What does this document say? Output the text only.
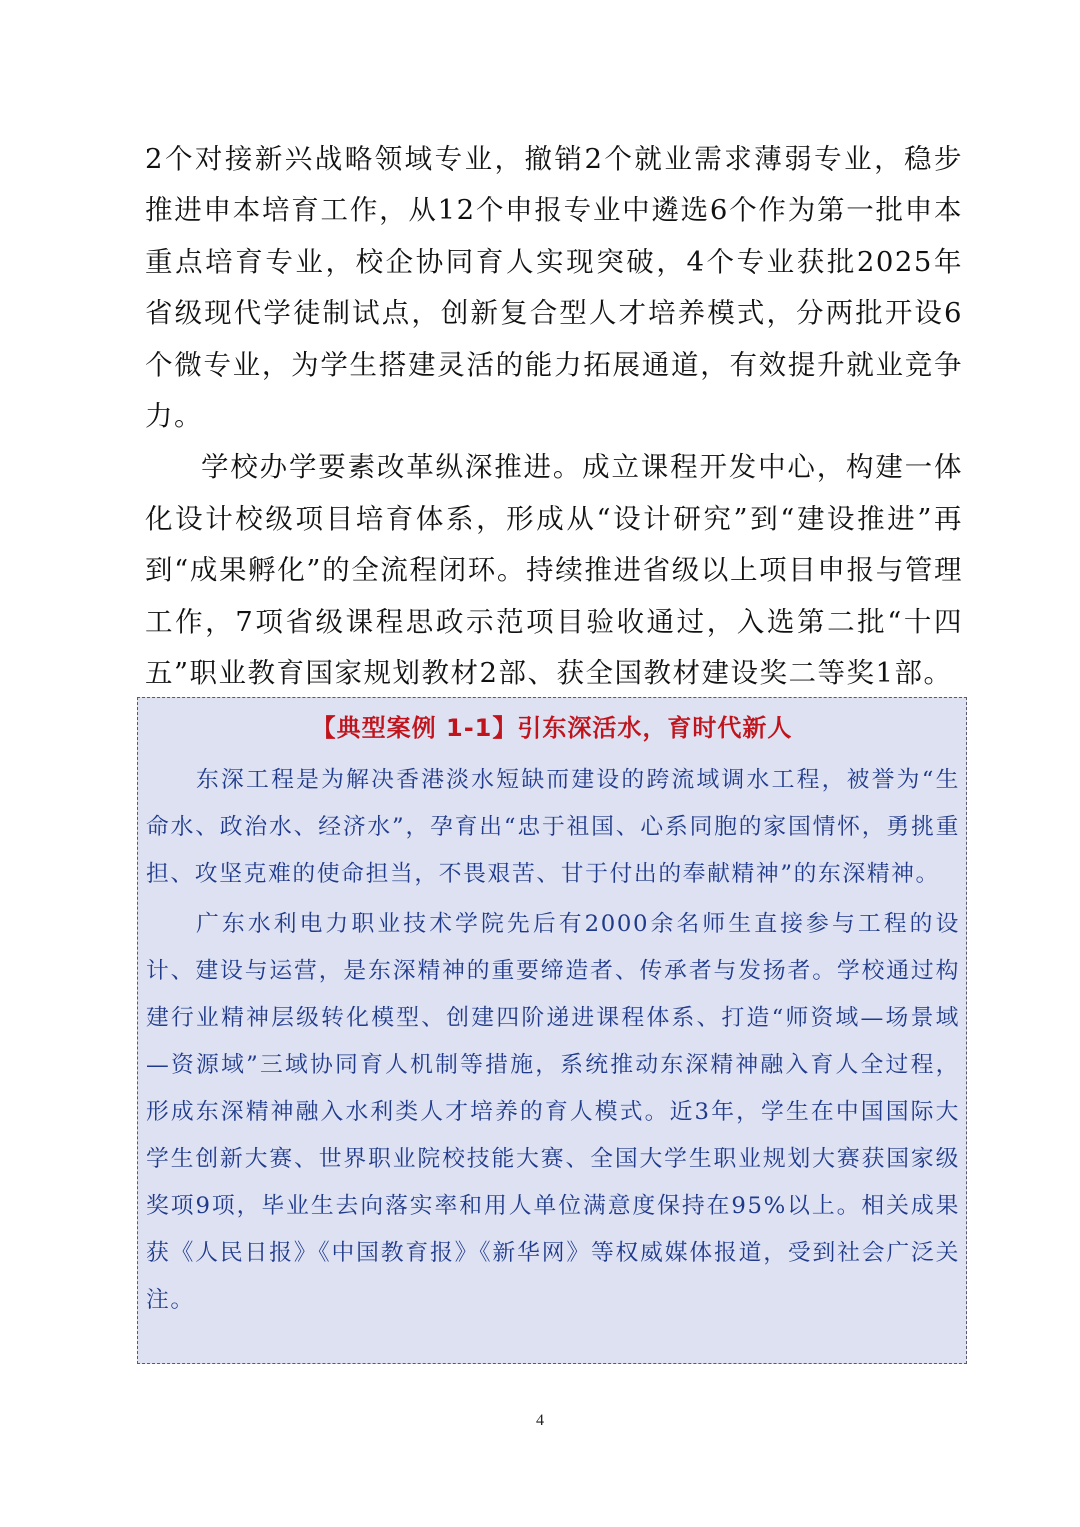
2个对接新兴战略领域专业，撤销2个就业需求薄弱专业，稳步推进申本培育工作，从12个申报专业中遴选6个作为第一批申本重点培育专业，校企协同育人实现突破，4个专业获批2025年省级现代学徒制试点，创新复合型人才培养模式，分两批开设6个微专业，为学生搭建灵活的能力拓展通道，有效提升就业竞争力。

学校办学要素改革纵深推进。成立课程开发中心，构建一体化设计校级项目培育体系，形成从“设计研究”到“建设推进”再到“成果孵化”的全流程闭环。持续推进省级以上项目申报与管理工作，7项省级课程思政示范项目验收通过，入选第二批“十四五”职业教育国家规划教材2部、获全国教材建设奖二等奖1部。

【典型案例 1-1】引东深活水，育时代新人

东深工程是为解决香港淡水短缺而建设的跨流域调水工程，被誉为“生命水、政治水、经济水”，孕育出“忠于祖国、心系同胞的家国情怀，勇挑重担、攻坚克难的使命担当，不畏艰苦、甘于付出的奉献精神”的东深精神。

广东水利电力职业技术学院先后有2000余名师生直接参与工程的设计、建设与运营，是东深精神的重要缔造者、传承者与发扬者。学校通过构建行业精神层级转化模型、创建四阶递进课程体系、打造“师资域—场景域—资源域”三域协同育人机制等措施，系统推动东深精神融入育人全过程，形成东深精神融入水利类人才培养的育人模式。近3年，学生在中国国际大学生创新大赛、世界职业院校技能大赛、全国大学生职业规划大赛获国家级奖项9项，毕业生去向落实率和用人单位满意度保持在95%以上。相关成果获《人民日报》《中国教育报》《新华网》等权威媒体报道，受到社会广泛关注。

4
